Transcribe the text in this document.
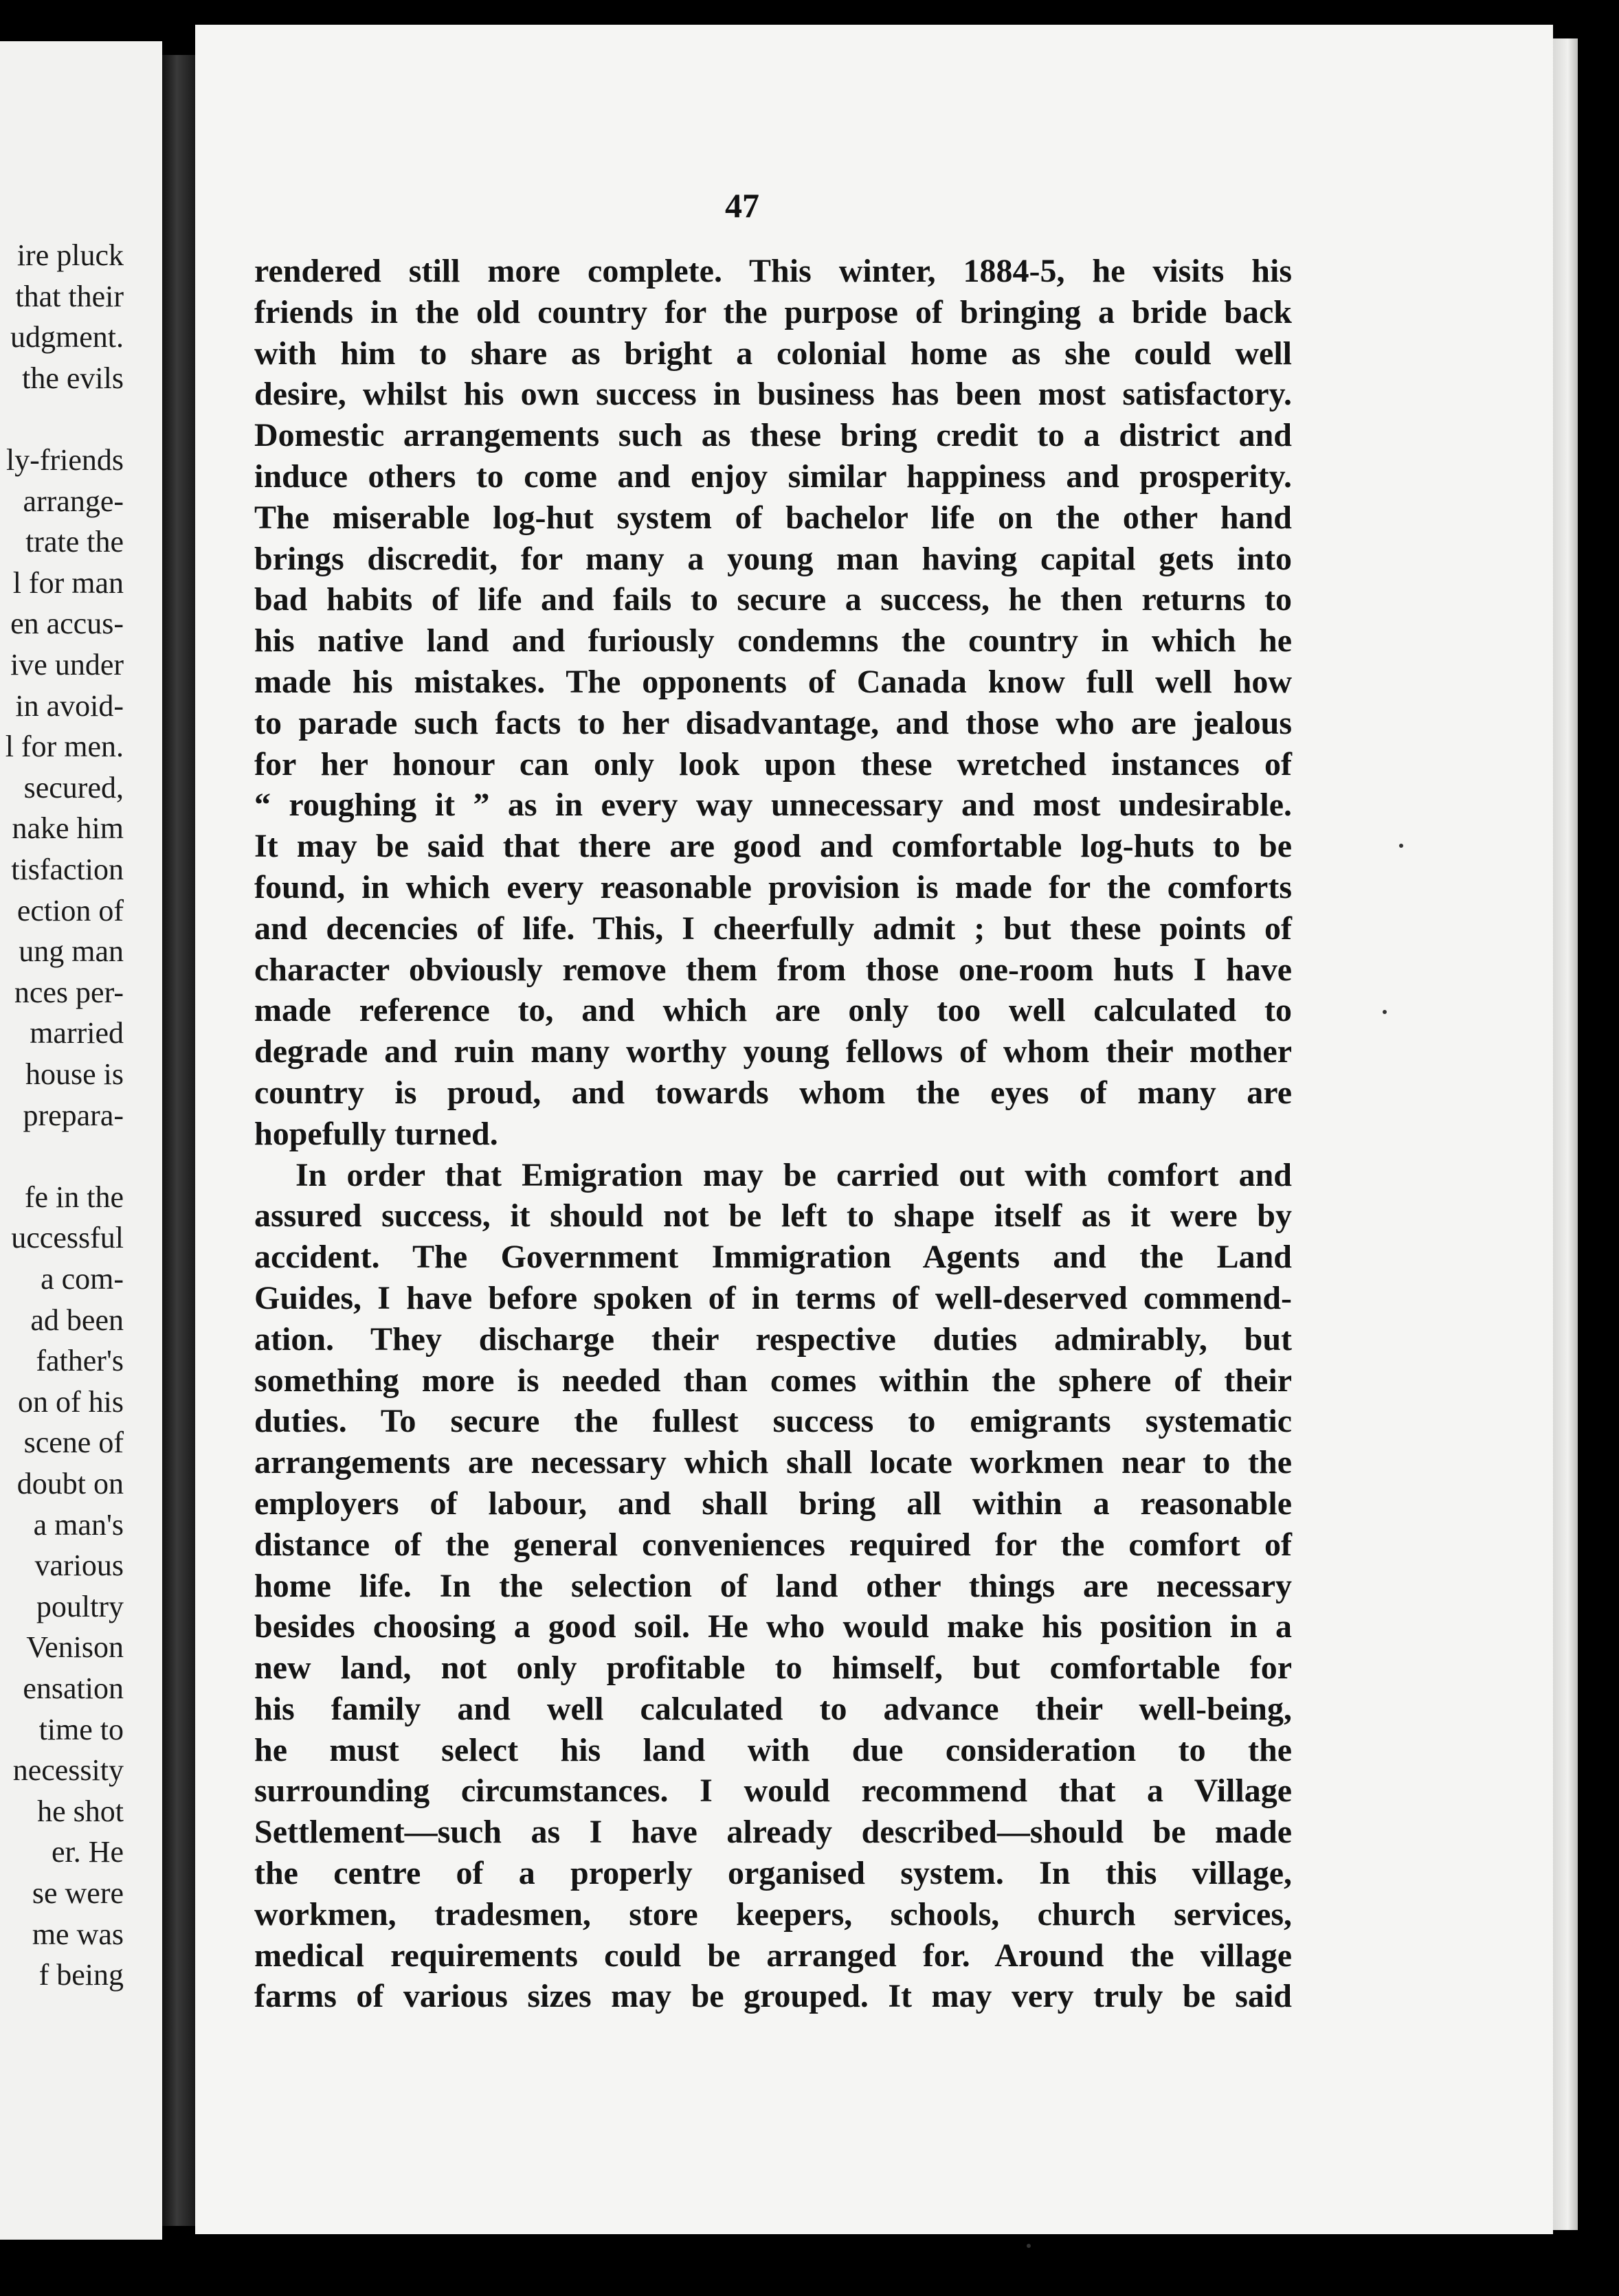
ire pluck
that their
udgment.
the evils
ly-friends
arrange-
trate the
l for man
en accus-
ive under
in avoid-
l for men.
secured,
nake him
tisfaction
ection of
ung man
nces per-
married
house is
prepara-
fe in the
uccessful
a com-
ad been
father's
on of his
scene of
doubt on
a man's
various
poultry
Venison
ensation
time to
necessity
he shot
er. He
se were
me was
f being
47
rendered still more complete. This winter, 1884-5, he visits his
friends in the old country for the purpose of bringing a bride back
with him to share as bright a colonial home as she could well
desire, whilst his own success in business has been most satisfactory.
Domestic arrangements such as these bring credit to a district and
induce others to come and enjoy similar happiness and prosperity.
The miserable log-hut system of bachelor life on the other hand
brings discredit, for many a young man having capital gets into
bad habits of life and fails to secure a success, he then returns to
his native land and furiously condemns the country in which he
made his mistakes. The opponents of Canada know full well how
to parade such facts to her disadvantage, and those who are jealous
for her honour can only look upon these wretched instances of
“ roughing it ” as in every way unnecessary and most undesirable.
It may be said that there are good and comfortable log-huts to be
found, in which every reasonable provision is made for the comforts
and decencies of life. This, I cheerfully admit ; but these points of
character obviously remove them from those one-room huts I have
made reference to, and which are only too well calculated to
degrade and ruin many worthy young fellows of whom their mother
country is proud, and towards whom the eyes of many are
hopefully turned.
In order that Emigration may be carried out with comfort and
assured success, it should not be left to shape itself as it were by
accident. The Government Immigration Agents and the Land
Guides, I have before spoken of in terms of well-deserved commend-
ation. They discharge their respective duties admirably, but
something more is needed than comes within the sphere of their
duties. To secure the fullest success to emigrants systematic
arrangements are necessary which shall locate workmen near to the
employers of labour, and shall bring all within a reasonable
distance of the general conveniences required for the comfort of
home life. In the selection of land other things are necessary
besides choosing a good soil. He who would make his position in a
new land, not only profitable to himself, but comfortable for
his family and well calculated to advance their well-being,
he must select his land with due consideration to the
surrounding circumstances. I would recommend that a Village
Settlement—such as I have already described—should be made
the centre of a properly organised system. In this village,
workmen, tradesmen, store keepers, schools, church services,
medical requirements could be arranged for. Around the village
farms of various sizes may be grouped. It may very truly be said
